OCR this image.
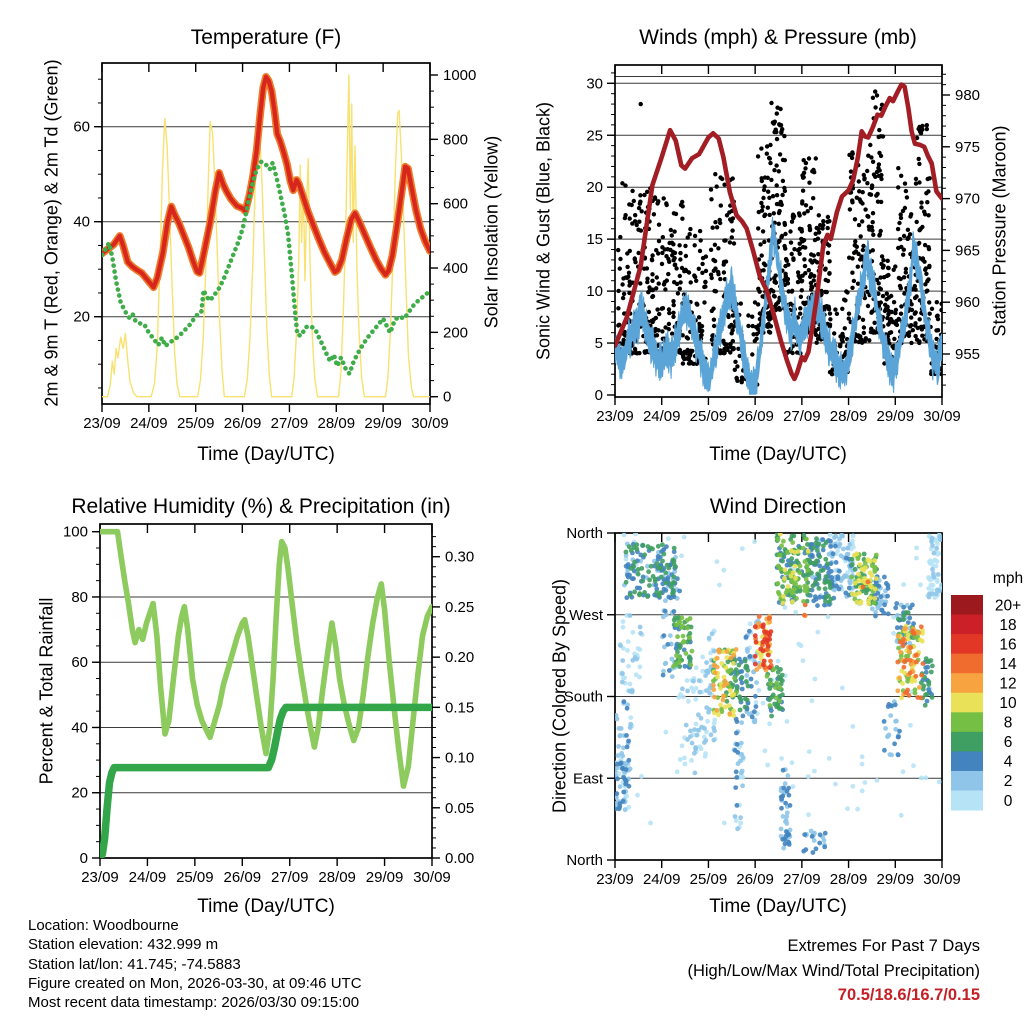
23/09 24/09 25/09 26/09 27/09 28/09 29/09 30/09
20
40
60
0
200
400
600
800
1000
23/09 24/09 25/09 26/09 27/09 28/09 29/09 30/09
0
5
10
15
20
25
30
955
960
965
970
975
980
23/09 24/09 25/09 26/09 27/09 28/09 29/09 30/09
0
20
40
60
80
100
0.00
0.05
0.10
0.15
0.20
0.25
0.30
23/09 24/09 25/09 26/09 27/09 28/09 29/09 30/09
North
West
South
East
North
mph
20+
18
16
14
12
10
8
6
4
2
0
Temperature (F)	Winds (mph) & Pressure (mb)
Relative Humidity (%) & Precipitation (in)	Wind Direction
2m & 9m T (Red, Orange) & 2m Td (Green)	Solar Insolation (Yellow) Sonic Wind & Gust (Blue, Black)	Station Pressure (Maroon)
Percent & Total Rainfall	Direction (Colored By Speed)
Time (Day/UTC)	Time (Day/UTC)
Time (Day/UTC)	Time (Day/UTC)
Location: Woodbourne
Station elevation: 432.999 m
Station lat/lon: 41.745; -74.5883
Figure created on Mon, 2026-03-30, at 09:46 UTC
Most recent data timestamp: 2026/03/30 09:15:00
Extremes For Past 7 Days
(High/Low/Max Wind/Total Precipitation)
70.5/18.6/16.7/0.15
